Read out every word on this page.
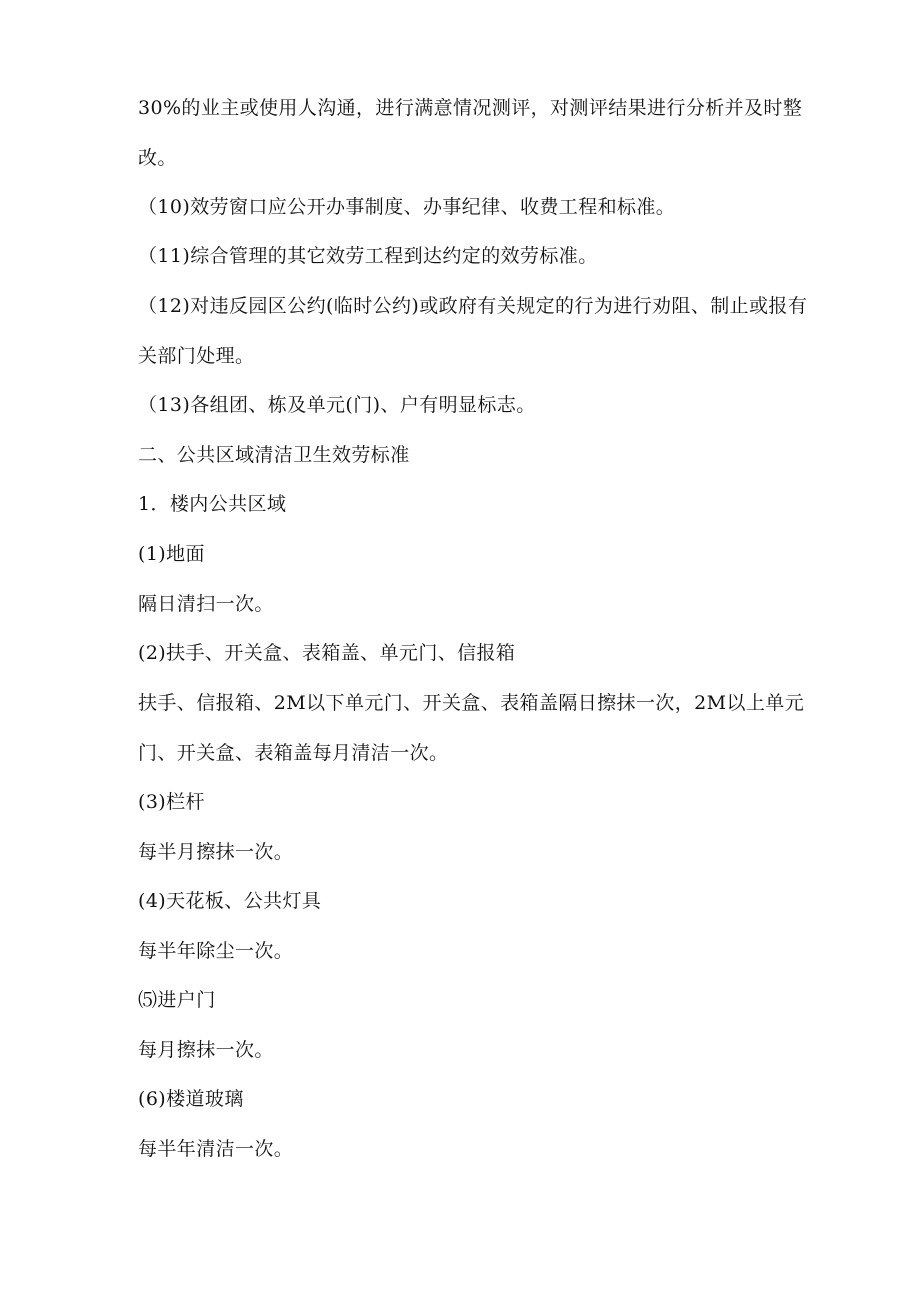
30%的业主或使用人沟通，进行满意情况测评，对测评结果进行分析并及时整
改。
（10)效劳窗口应公开办事制度、办事纪律、收费工程和标准。
（11)综合管理的其它效劳工程到达约定的效劳标准。
（12)对违反园区公约(临时公约)或政府有关规定的行为进行劝阻、制止或报有
关部门处理。
（13)各组团、栋及单元(门)、户有明显标志。
二、公共区域清洁卫生效劳标准
1．楼内公共区域
(1)地面
隔日清扫一次。
(2)扶手、开关盒、表箱盖、单元门、信报箱
扶手、信报箱、2M以下单元门、开关盒、表箱盖隔日擦抹一次，2M以上单元
门、开关盒、表箱盖每月清洁一次。
(3)栏杆
每半月擦抹一次。
(4)天花板、公共灯具
每半年除尘一次。
⑸进户门
每月擦抹一次。
(6)楼道玻璃
每半年清洁一次。
